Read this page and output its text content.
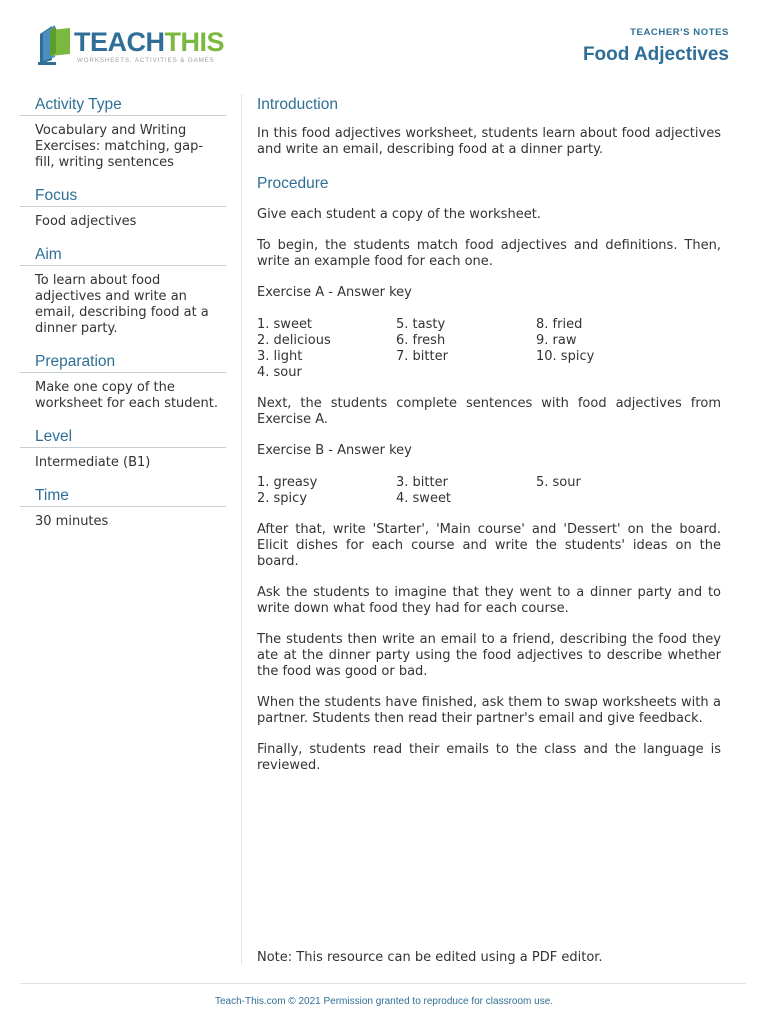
TEACHTHIS
WORKSHEETS, ACTIVITIES & GAMES
TEACHER'S NOTES
Food Adjectives
Activity Type
Vocabulary and Writing Exercises: matching, gap-fill, writing sentences
Focus
Food adjectives
Aim
To learn about food adjectives and write an email, describing food at a dinner party.
Preparation
Make one copy of the worksheet for each student.
Level
Intermediate (B1)
Time
30 minutes
Introduction
In this food adjectives worksheet, students learn about food adjectives and write an email, describing food at a dinner party.
Procedure
Give each student a copy of the worksheet.
To begin, the students match food adjectives and definitions. Then, write an example food for each one.
Exercise A - Answer key
1. sweet	5. tasty	8. fried
2. delicious	6. fresh	9. raw
3. light	7. bitter	10. spicy
4. sour
Next, the students complete sentences with food adjectives from Exercise A.
Exercise B - Answer key
1. greasy	3. bitter	5. sour
2. spicy	4. sweet
After that, write 'Starter', 'Main course' and 'Dessert' on the board. Elicit dishes for each course and write the students' ideas on the board.
Ask the students to imagine that they went to a dinner party and to write down what food they had for each course.
The students then write an email to a friend, describing the food they ate at the dinner party using the food adjectives to describe whether the food was good or bad.
When the students have finished, ask them to swap worksheets with a partner. Students then read their partner's email and give feedback.
Finally, students read their emails to the class and the language is reviewed.
Note: This resource can be edited using a PDF editor.
Teach-This.com © 2021 Permission granted to reproduce for classroom use.
